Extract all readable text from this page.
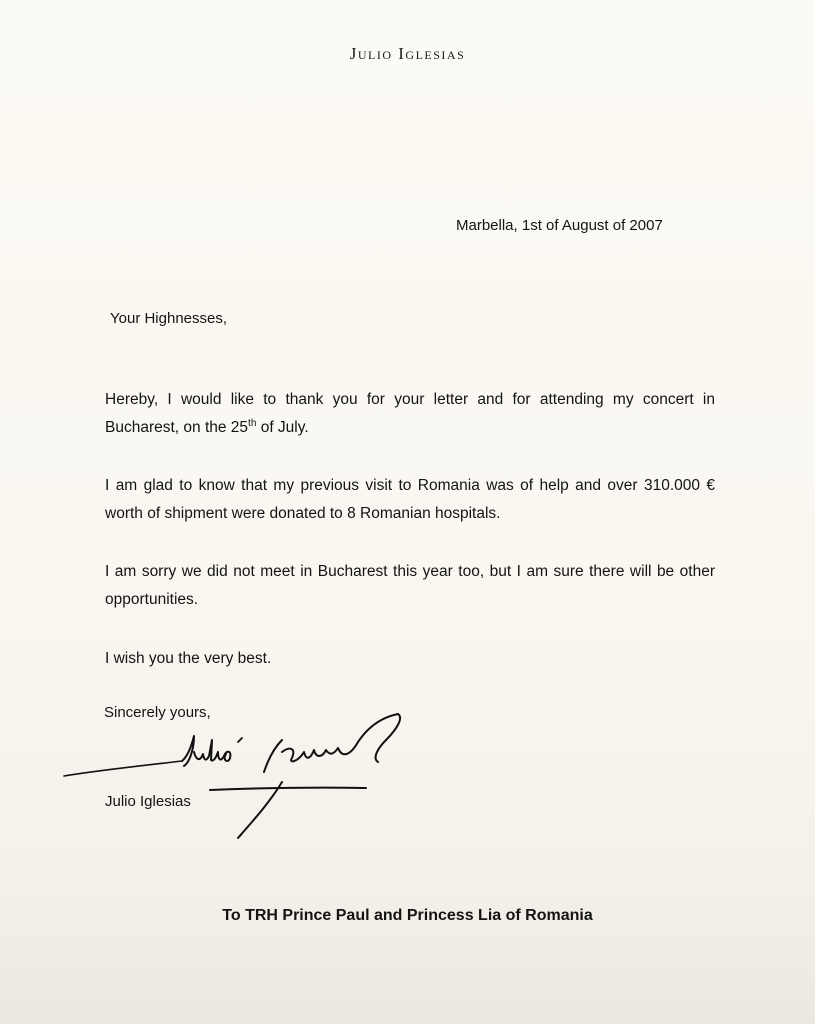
Julio Iglesias
Marbella, 1st of August of 2007
Your Highnesses,
Hereby, I would like to thank you for your letter and for attending my concert in Bucharest, on the 25th of July.
I am glad to know that my previous visit to Romania was of help and over 310.000 € worth of shipment were donated to 8 Romanian hospitals.
I am sorry we did not meet in Bucharest this year too, but I am sure there will be other opportunities.
I wish you the very best.
Sincerely yours,
Julio Iglesias
To TRH Prince Paul and Princess Lia of Romania
